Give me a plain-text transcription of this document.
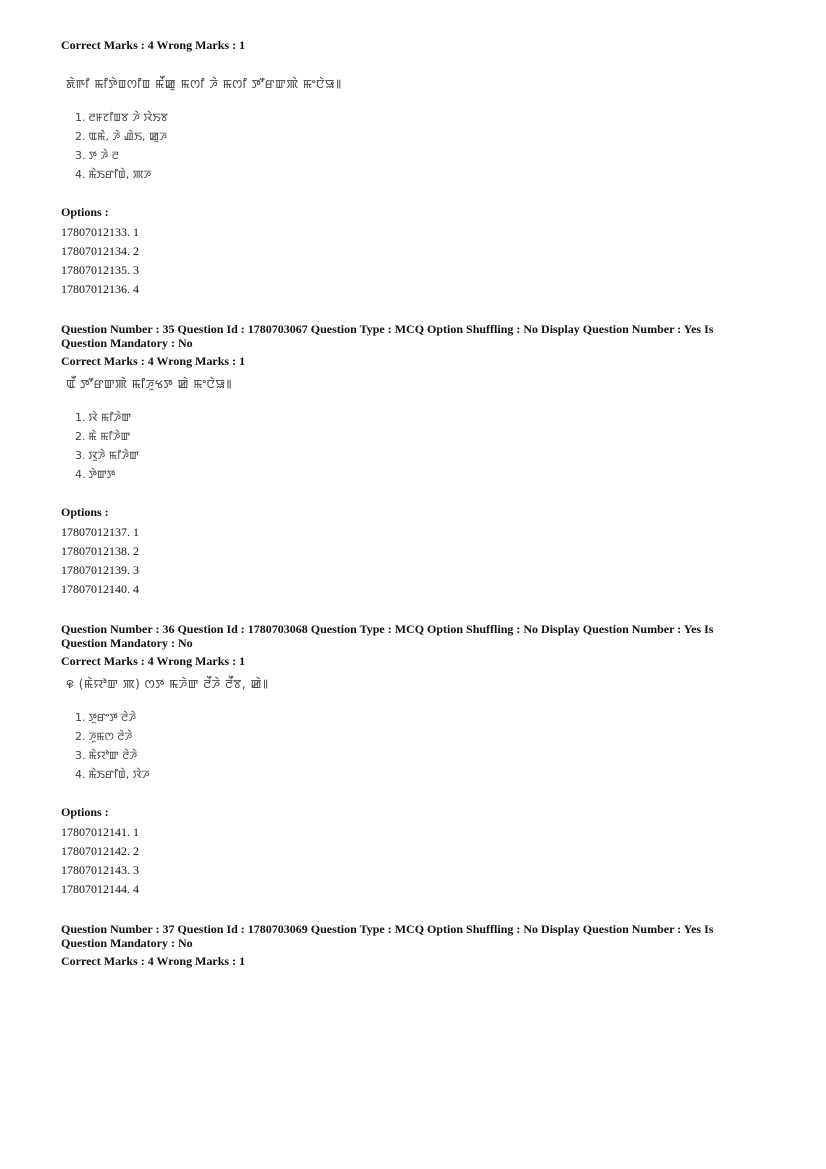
Correct Marks : 4 Wrong Marks : 1
ꯗꯥꯒꯤ ꯃꯤꯇꯥꯡꯁꯤꯡ ꯃꯩꯀꯨ ꯃꯁꯤ ꯍꯥ ꯃꯁꯤ ꯇꯧꯔꯛꯄꯥ ꯃꯦꯅꯥꯎ꯫
1. ꯂꯝꯖꯤꯡꯕ ꯍꯥ ꯋꯥꯏꯕ
2. ꯑꯃꯥ, ꯍꯥ ꯉꯥꯏ, ꯀꯨꯍ
3. ꯇ ꯍꯥ ꯂ
4. ꯃꯥꯏꯔꯤꯡꯥ, ꯄꯍ
Options :
17807012133. 1
17807012134. 2
17807012135. 3
17807012136. 4
Question Number : 35 Question Id : 1780703067 Question Type : MCQ Option Shuffling : No Display Question Number : Yes Is Question Mandatory : No
Correct Marks : 4 Wrong Marks : 1
ꯑꯩ ꯇꯧꯔꯛꯄꯥ ꯃꯤꯍꯨꯠꯇ ꯀꯥ ꯃꯦꯅꯥꯎ꯫
1. ꯋꯥ ꯃꯤꯍꯥꯛ
2. ꯃꯥ ꯃꯤꯍꯥꯛ
3. ꯋꯨꯍꯥ ꯃꯤꯍꯥꯛ
4. ꯇꯥꯛꯇ
Options :
17807012137. 1
17807012138. 2
17807012139. 3
17807012140. 4
Question Number : 36 Question Id : 1780703068 Question Type : MCQ Option Shuffling : No Display Question Number : Yes Is Question Mandatory : No
Correct Marks : 4 Wrong Marks : 1
꯶ (ꯃꯥꯌꯣꯛ ꯄ) ꯁꯇ ꯃꯍꯥꯛ ꯂꯩꯍꯥ ꯂꯩꯕ, ꯀꯥ꯫
1. ꯇꯨꯔꯦꯇ ꯂꯥꯍꯥ
2. ꯍꯨꯃꯁ ꯂꯥꯍꯥ
3. ꯃꯥꯌꯣꯛ ꯂꯥꯍꯥ
4. ꯃꯥꯏꯔꯤꯡꯥ, ꯋꯥꯍ
Options :
17807012141. 1
17807012142. 2
17807012143. 3
17807012144. 4
Question Number : 37 Question Id : 1780703069 Question Type : MCQ Option Shuffling : No Display Question Number : Yes Is Question Mandatory : No
Correct Marks : 4 Wrong Marks : 1
